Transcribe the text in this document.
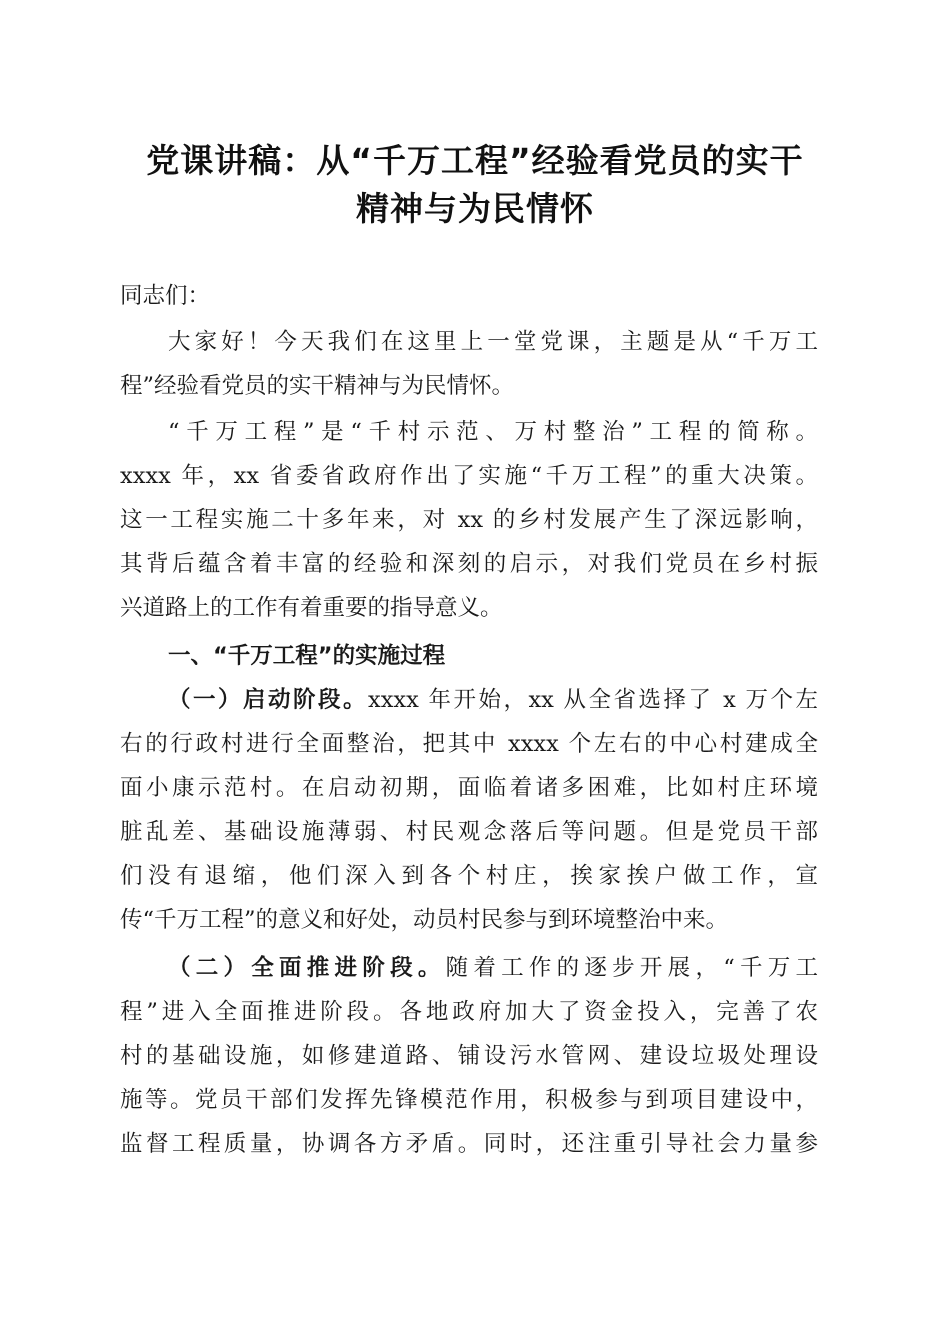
党课讲稿：从“千万工程”经验看党员的实干
精神与为民情怀
同志们：
大家好！今天我们在这里上一堂党课，主题是从“千万工
程”经验看党员的实干精神与为民情怀。
“千万工程”是“千村示范、万村整治”工程的简称。
xxxx 年，xx 省委省政府作出了实施“千万工程”的重大决策。
这一工程实施二十多年来，对 xx 的乡村发展产生了深远影响，
其背后蕴含着丰富的经验和深刻的启示，对我们党员在乡村振
兴道路上的工作有着重要的指导意义。
一、“千万工程”的实施过程
（一）启动阶段。xxxx 年开始，xx 从全省选择了 x 万个左
右的行政村进行全面整治，把其中 xxxx 个左右的中心村建成全
面小康示范村。在启动初期，面临着诸多困难，比如村庄环境
脏乱差、基础设施薄弱、村民观念落后等问题。但是党员干部
们没有退缩，他们深入到各个村庄，挨家挨户做工作，宣
传“千万工程”的意义和好处，动员村民参与到环境整治中来。
（二）全面推进阶段。随着工作的逐步开展，“千万工
程”进入全面推进阶段。各地政府加大了资金投入，完善了农
村的基础设施，如修建道路、铺设污水管网、建设垃圾处理设
施等。党员干部们发挥先锋模范作用，积极参与到项目建设中，
监督工程质量，协调各方矛盾。同时，还注重引导社会力量参
